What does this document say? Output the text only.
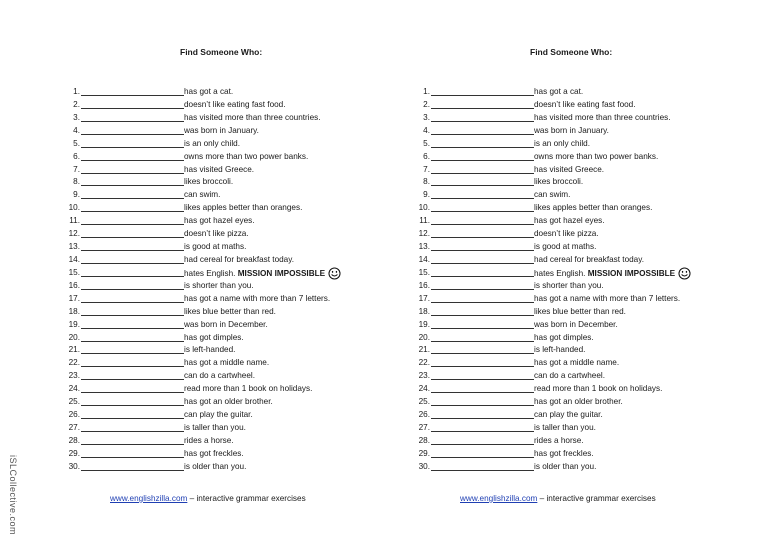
Find Someone Who:
1.	has got a cat.
2.	doesn’t like eating fast food.
3.	has visited more than three countries.
4.	was born in January.
5.	is an only child.
6.	owns more than two power banks.
7.	has visited Greece.
8.	likes broccoli.
9.	can swim.
10.	likes apples better than oranges.
11.	has got hazel eyes.
12.	doesn’t like pizza.
13.	is good at maths.
14.	had cereal for breakfast today.
15.	hates English. MISSION IMPOSSIBLE
16.	is shorter than you.
17.	has got a name with more than 7 letters.
18.	likes blue better than red.
19.	was born in December.
20.	has got dimples.
21.	is left-handed.
22.	has got a middle name.
23.	can do a cartwheel.
24.	read more than 1 book on holidays.
25.	has got an older brother.
26.	can play the guitar.
27.	is taller than you.
28.	rides a horse.
29.	has got freckles.
30.	is older than you.
www.englishzilla.com – interactive grammar exercises
Find Someone Who:
1.	has got a cat.
2.	doesn’t like eating fast food.
3.	has visited more than three countries.
4.	was born in January.
5.	is an only child.
6.	owns more than two power banks.
7.	has visited Greece.
8.	likes broccoli.
9.	can swim.
10.	likes apples better than oranges.
11.	has got hazel eyes.
12.	doesn’t like pizza.
13.	is good at maths.
14.	had cereal for breakfast today.
15.	hates English. MISSION IMPOSSIBLE
16.	is shorter than you.
17.	has got a name with more than 7 letters.
18.	likes blue better than red.
19.	was born in December.
20.	has got dimples.
21.	is left-handed.
22.	has got a middle name.
23.	can do a cartwheel.
24.	read more than 1 book on holidays.
25.	has got an older brother.
26.	can play the guitar.
27.	is taller than you.
28.	rides a horse.
29.	has got freckles.
30.	is older than you.
www.englishzilla.com – interactive grammar exercises
iSLCollective.com
